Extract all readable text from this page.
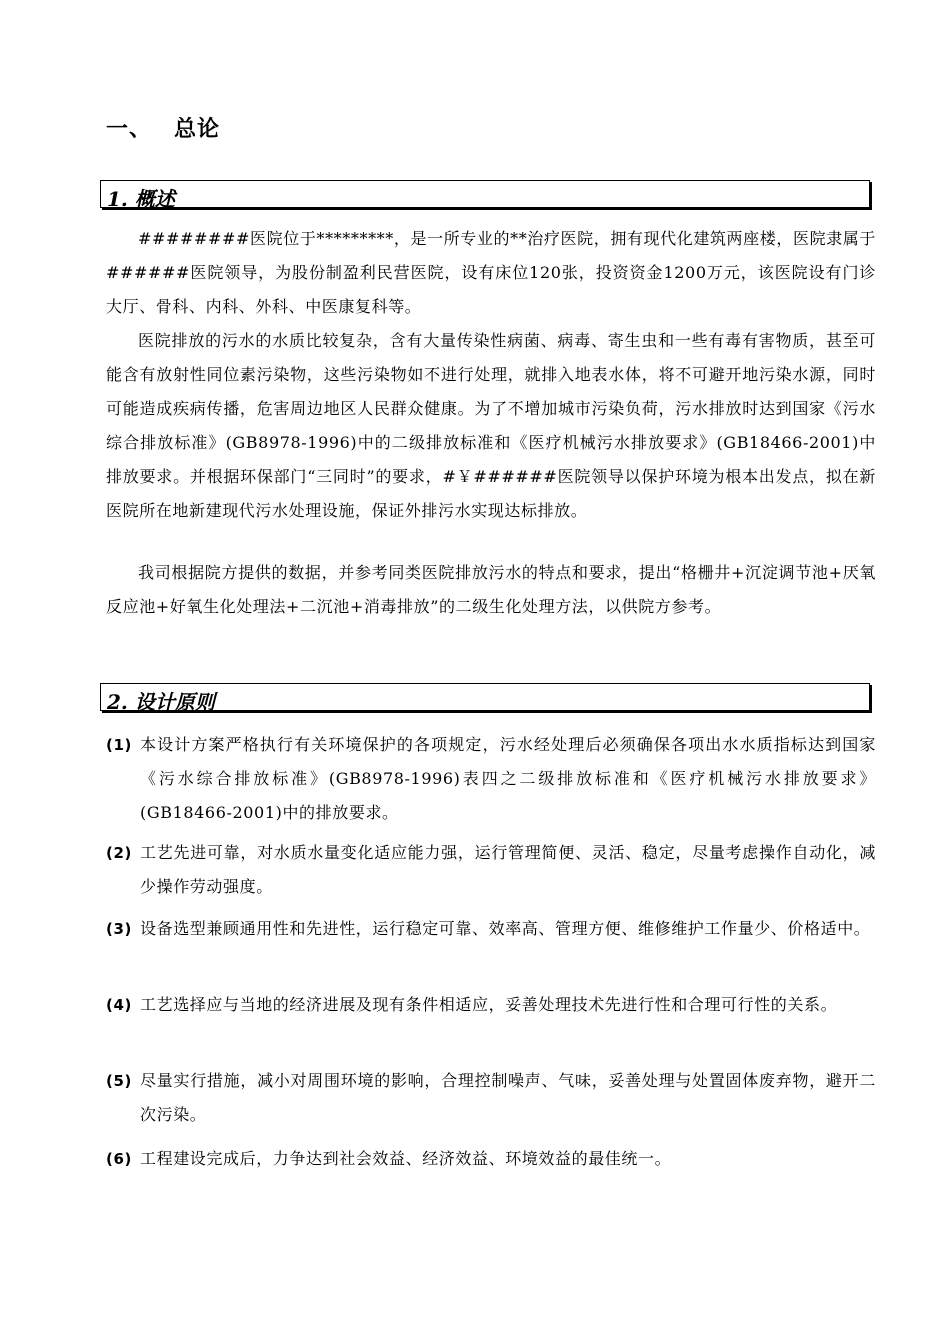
一、 总论
1. 概述

########医院位于*********，是一所专业的**治疗医院，拥有现代化建筑两座楼，医院隶属于######医院领导，为股份制盈利民营医院，设有床位120张，投资资金1200万元，该医院设有门诊大厅、骨科、内科、外科、中医康复科等。

医院排放的污水的水质比较复杂，含有大量传染性病菌、病毒、寄生虫和一些有毒有害物质，甚至可能含有放射性同位素污染物，这些污染物如不进行处理，就排入地表水体，将不可避开地污染水源，同时可能造成疾病传播，危害周边地区人民群众健康。为了不增加城市污染负荷，污水排放时达到国家《污水综合排放标准》(GB8978-1996)中的二级排放标准和《医疗机械污水排放要求》(GB18466-2001)中排放要求。并根据环保部门“三同时”的要求，#￥######医院领导以保护环境为根本出发点，拟在新医院所在地新建现代污水处理设施，保证外排污水实现达标排放。

我司根据院方提供的数据，并参考同类医院排放污水的特点和要求，提出“格栅井+沉淀调节池+厌氧反应池+好氧生化处理法+二沉池+消毒排放”的二级生化处理方法，以供院方参考。

2. 设计原则
(1) 本设计方案严格执行有关环境保护的各项规定，污水经处理后必须确保各项出水水质指标达到国家《污水综合排放标准》(GB8978-1996)表四之二级排放标准和《医疗机械污水排放要求》(GB18466-2001)中的排放要求。
(2) 工艺先进可靠，对水质水量变化适应能力强，运行管理简便、灵活、稳定，尽量考虑操作自动化，减少操作劳动强度。
(3) 设备选型兼顾通用性和先进性，运行稳定可靠、效率高、管理方便、维修维护工作量少、价格适中。
(4) 工艺选择应与当地的经济进展及现有条件相适应，妥善处理技术先进行性和合理可行性的关系。
(5) 尽量实行措施，减小对周围环境的影响，合理控制噪声、气味，妥善处理与处置固体废弃物，避开二次污染。
(6) 工程建设完成后，力争达到社会效益、经济效益、环境效益的最佳统一。
